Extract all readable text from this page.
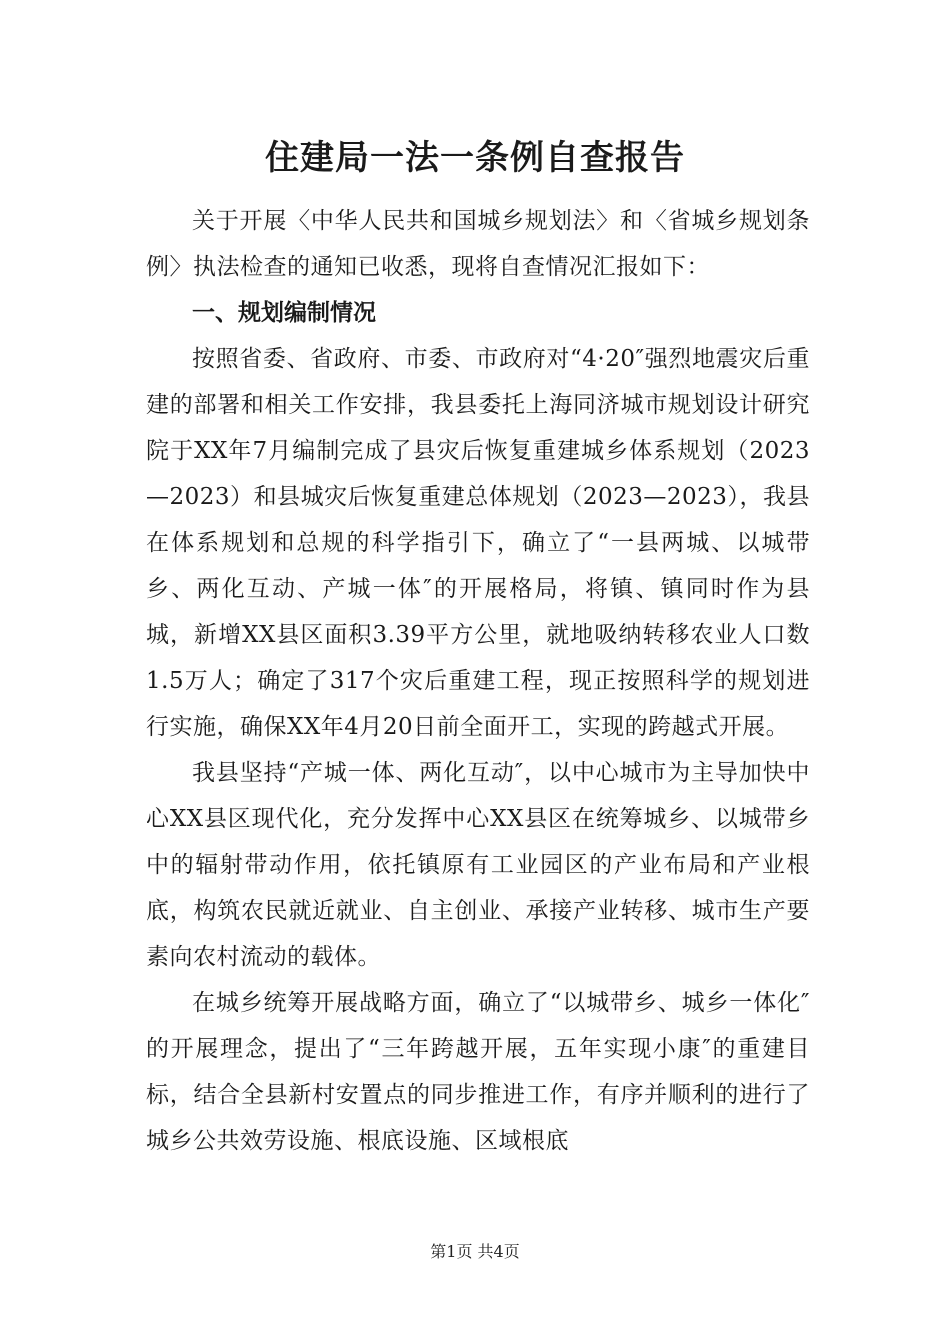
住建局一法一条例自查报告

关于开展〈中华人民共和国城乡规划法〉和〈省城乡规划条例〉执法检查的通知已收悉，现将自查情况汇报如下：

一、规划编制情况

按照省委、省政府、市委、市政府对“4·20″强烈地震灾后重建的部署和相关工作安排，我县委托上海同济城市规划设计研究院于XX年7月编制完成了县灾后恢复重建城乡体系规划（2023—2023）和县城灾后恢复重建总体规划（2023—2023），我县在体系规划和总规的科学指引下，确立了“一县两城、以城带乡、两化互动、产城一体″的开展格局，将镇、镇同时作为县城，新增XX县区面积3.39平方公里，就地吸纳转移农业人口数1.5万人；确定了317个灾后重建工程，现正按照科学的规划进行实施，确保XX年4月20日前全面开工，实现的跨越式开展。

我县坚持“产城一体、两化互动″，以中心城市为主导加快中心XX县区现代化，充分发挥中心XX县区在统筹城乡、以城带乡中的辐射带动作用，依托镇原有工业园区的产业布局和产业根底，构筑农民就近就业、自主创业、承接产业转移、城市生产要素向农村流动的载体。

在城乡统筹开展战略方面，确立了“以城带乡、城乡一体化″的开展理念，提出了“三年跨越开展，五年实现小康″的重建目标，结合全县新村安置点的同步推进工作，有序并顺利的进行了城乡公共效劳设施、根底设施、区域根底

第1页 共4页
